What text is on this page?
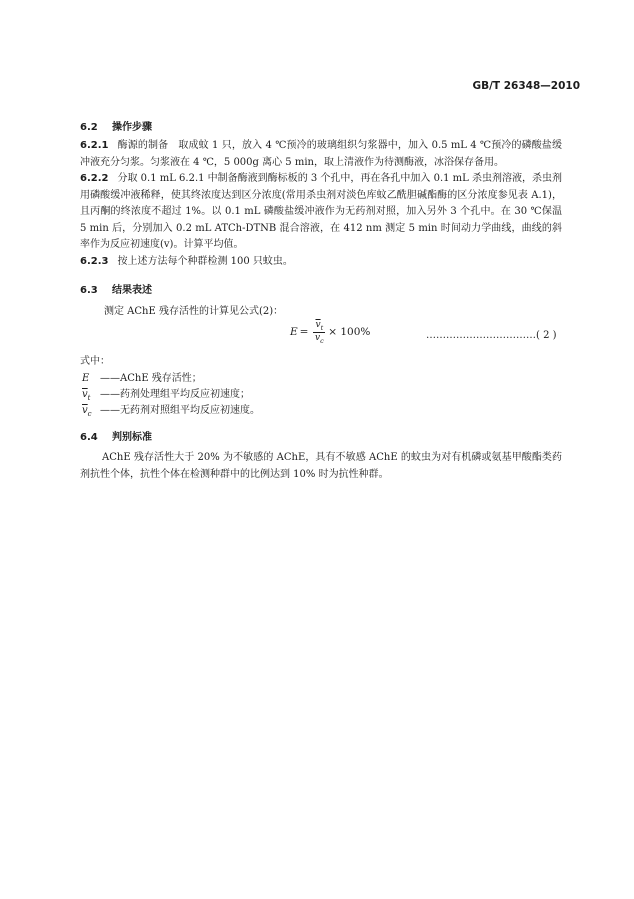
GB/T 26348—2010
6.2 操作步骤
6.2.1 酶源的制备　取成蚊 1 只，放入 4 ℃预冷的玻璃组织匀浆器中，加入 0.5 mL 4 ℃预冷的磷酸盐缓冲液充分匀浆。匀浆液在 4 ℃，5 000g 离心 5 min，取上清液作为待测酶液，冰浴保存备用。
6.2.2 分取 0.1 mL 6.2.1 中制备酶液到酶标板的 3 个孔中，再在各孔中加入 0.1 mL 杀虫剂溶液，杀虫剂用磷酸缓冲液稀释，使其终浓度达到区分浓度(常用杀虫剂对淡色库蚊乙酰胆碱酯酶的区分浓度参见表 A.1)，且丙酮的终浓度不超过 1%。以 0.1 mL 磷酸盐缓冲液作为无药剂对照，加入另外 3 个孔中。在 30 ℃保温 5 min 后，分别加入 0.2 mL ATCh-DTNB 混合溶液，在 412 nm 测定 5 min 时间动力学曲线，曲线的斜率作为反应初速度(v)。计算平均值。
6.2.3 按上述方法每个种群检测 100 只蚊虫。
6.3 结果表述
测定 AChE 残存活性的计算见公式(2)：
$E = \frac{\overline{v}_t}{\overline{v}_c} \times 100\%$	……………………………( 2 )
式中：
E ——AChE 残存活性；
$\overline{v}_t$ ——药剂处理组平均反应初速度；
$\overline{v}_c$ ——无药剂对照组平均反应初速度。
6.4 判别标准
AChE 残存活性大于 20% 为不敏感的 AChE，具有不敏感 AChE 的蚊虫为对有机磷或氨基甲酸酯类药剂抗性个体，抗性个体在检测种群中的比例达到 10% 时为抗性种群。
